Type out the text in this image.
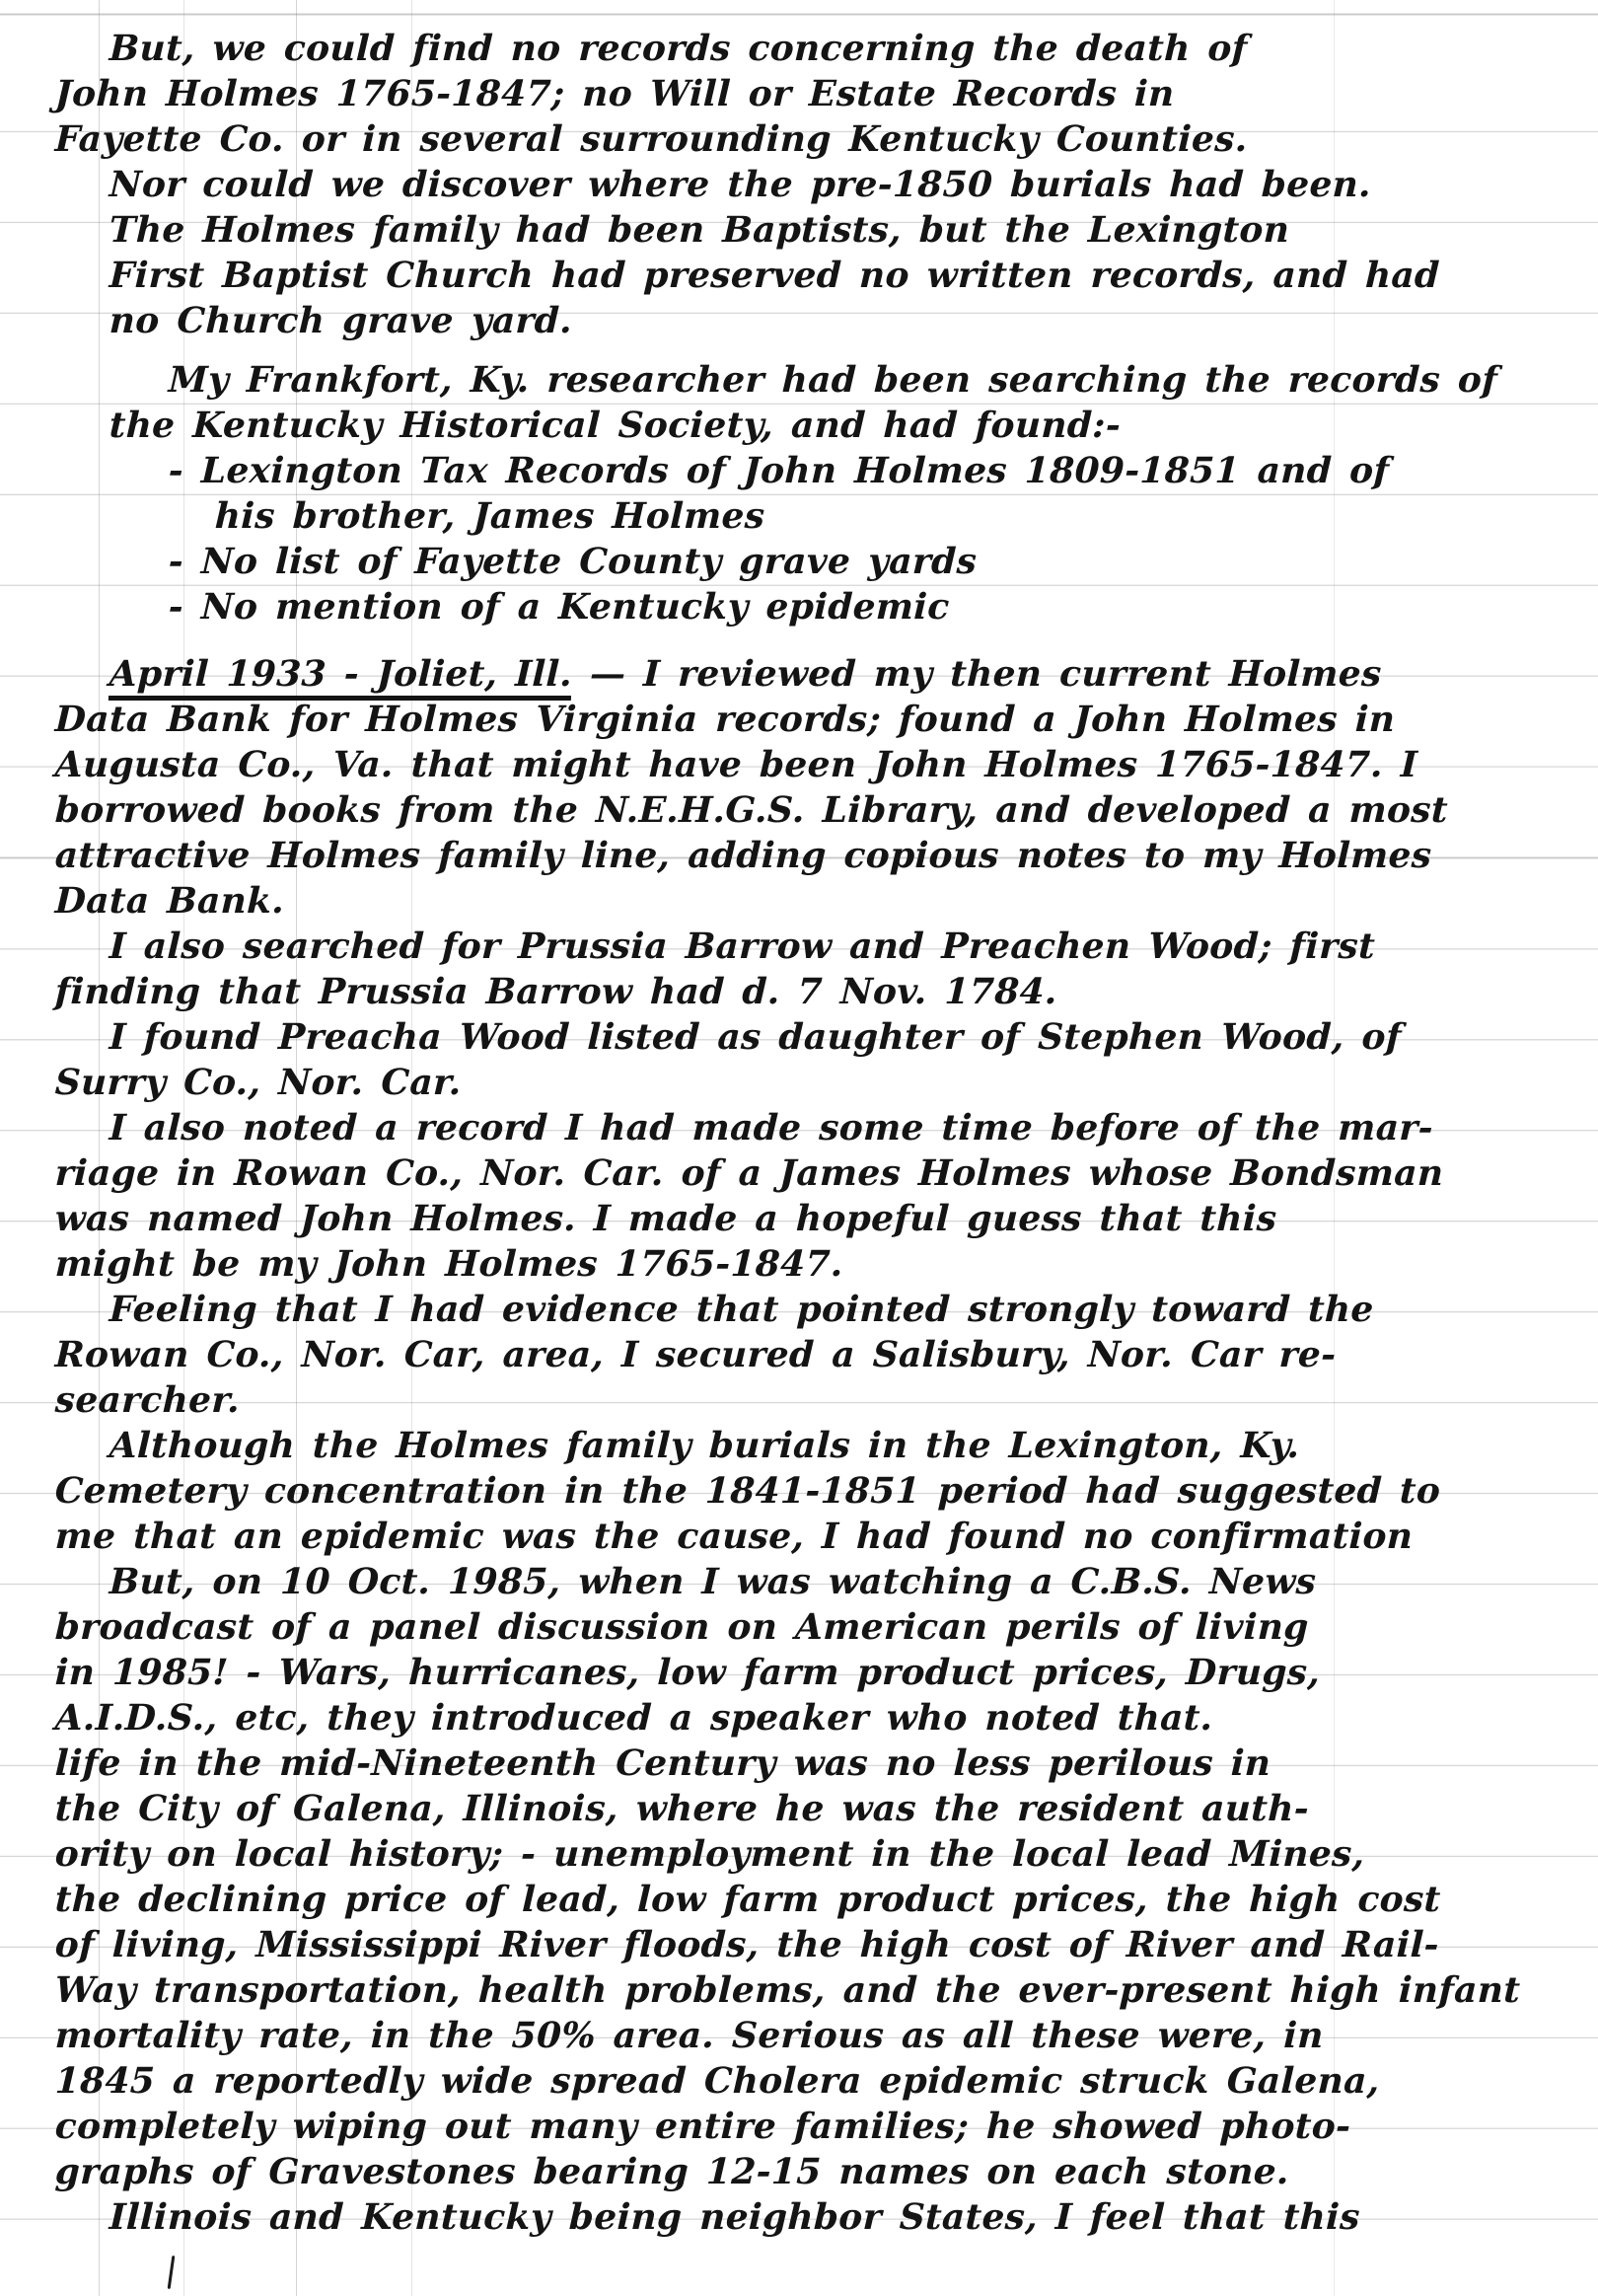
But, we could find no records concerning the death of
John Holmes 1765-1847; no Will or Estate Records in
Fayette Co. or in several surrounding Kentucky Counties.
Nor could we discover where the pre-1850 burials had been.
The Holmes family had been Baptists, but the Lexington
First Baptist Church had preserved no written records, and had
no Church grave yard.
My Frankfort, Ky. researcher had been searching the records of
the Kentucky Historical Society, and had found:-
- Lexington Tax Records of John Holmes 1809-1851 and of
his brother, James Holmes
- No list of Fayette County grave yards
- No mention of a Kentucky epidemic
April 1933 - Joliet, Ill. — I reviewed my then current Holmes
Data Bank for Holmes Virginia records; found a John Holmes in
Augusta Co., Va. that might have been John Holmes 1765-1847. I
borrowed books from the N.E.H.G.S. Library, and developed a most
attractive Holmes family line, adding copious notes to my Holmes
Data Bank.
I also searched for Prussia Barrow and Preachen Wood; first
finding that Prussia Barrow had d. 7 Nov. 1784.
I found Preacha Wood listed as daughter of Stephen Wood, of
Surry Co., Nor. Car.
I also noted a record I had made some time before of the mar-
riage in Rowan Co., Nor. Car. of a James Holmes whose Bondsman
was named John Holmes. I made a hopeful guess that this
might be my John Holmes 1765-1847.
Feeling that I had evidence that pointed strongly toward the
Rowan Co., Nor. Car, area, I secured a Salisbury, Nor. Car re-
searcher.
Although the Holmes family burials in the Lexington, Ky.
Cemetery concentration in the 1841-1851 period had suggested to
me that an epidemic was the cause, I had found no confirmation
But, on 10 Oct. 1985, when I was watching a C.B.S. News
broadcast of a panel discussion on American perils of living
in 1985! - Wars, hurricanes, low farm product prices, Drugs,
A.I.D.S., etc, they introduced a speaker who noted that.
life in the mid-Nineteenth Century was no less perilous in
the City of Galena, Illinois, where he was the resident auth-
ority on local history; - unemployment in the local lead Mines,
the declining price of lead, low farm product prices, the high cost
of living, Mississippi River floods, the high cost of River and Rail-
Way transportation, health problems, and the ever-present high infant
mortality rate, in the 50% area. Serious as all these were, in
1845 a reportedly wide spread Cholera epidemic struck Galena,
completely wiping out many entire families; he showed photo-
graphs of Gravestones bearing 12-15 names on each stone.
Illinois and Kentucky being neighbor States, I feel that this
